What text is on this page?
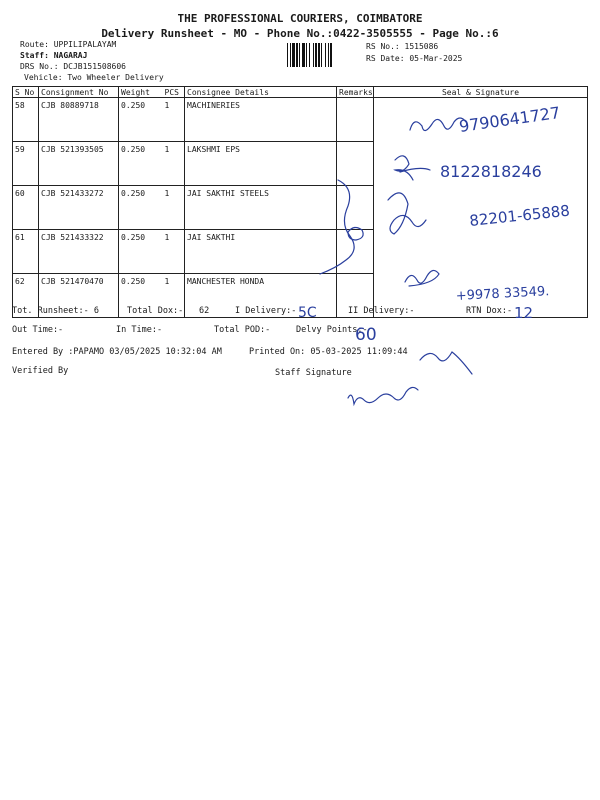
THE PROFESSIONAL COURIERS, COIMBATORE
Delivery Runsheet - MO - Phone No.:0422-3505555 - Page No.:6
Route: UPPILIPALAYAM
Staff: NAGARAJ
DRS No.: DCJB151508606
Vehicle: Two Wheeler Delivery
RS No.: 1515086
RS Date: 05-Mar-2025
S No	Consignment No	Weight	PCS	Consignee Details	Remarks	Seal & Signature
58	CJB 80889718	0.250	1	MACHINERIES		
59	CJB 521393505	0.250	1	LAKSHMI EPS		
60	CJB 521433272	0.250	1	JAI SAKTHI STEELS		
61	CJB 521433322	0.250	1	JAI SAKTHI		
62	CJB 521470470	0.250	1	MANCHESTER HONDA		
Tot. Runsheet:- 6	Total Dox:- 62	I Delivery:-	II Delivery:-	RTN Dox:-
Out Time:-	In Time:-	Total POD:-	Delvy Points:-
Entered By :PAPAMO 03/05/2025 10:32:04 AM	Printed On: 05-03-2025 11:09:44
Verified By	Staff Signature
9790641727
8122818246
82201-65888
+9978 33549.
5C	12
60
